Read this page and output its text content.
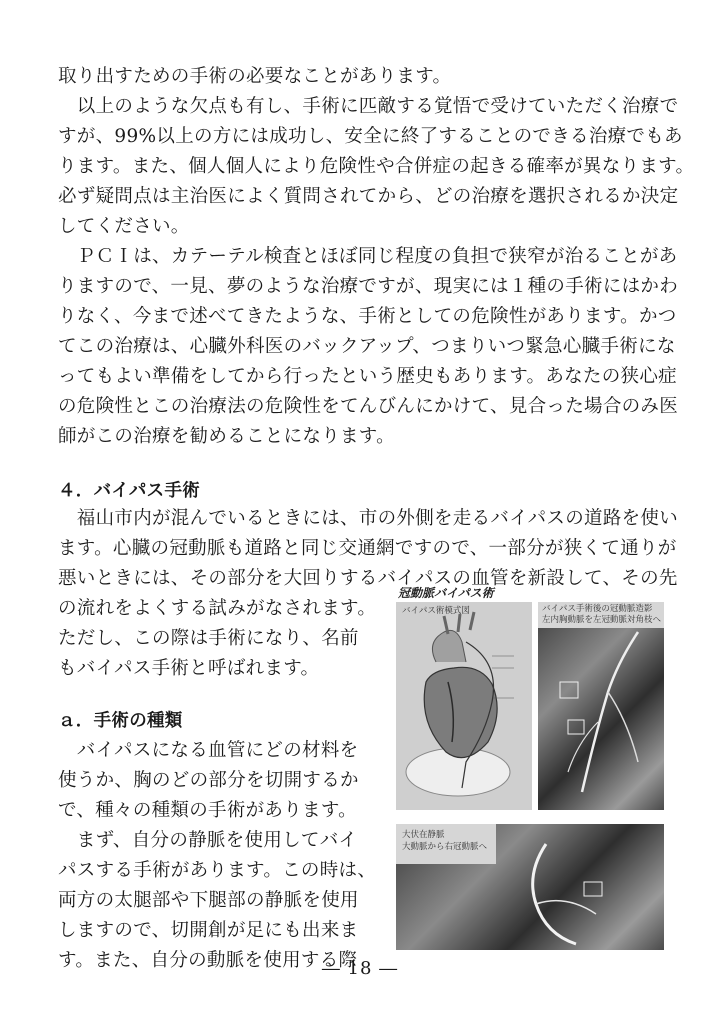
取り出すための手術の必要なことがあります。
　以上のような欠点も有し、手術に匹敵する覚悟で受けていただく治療で
すが、99%以上の方には成功し、安全に終了することのできる治療でもあ
ります。また、個人個人により危険性や合併症の起きる確率が異なります。
必ず疑問点は主治医によく質問されてから、どの治療を選択されるか決定
してください。
　ＰＣＩは、カテーテル検査とほぼ同じ程度の負担で狭窄が治ることがあ
りますので、一見、夢のような治療ですが、現実には１種の手術にはかわ
りなく、今まで述べてきたような、手術としての危険性があります。かつ
てこの治療は、心臓外科医のバックアップ、つまりいつ緊急心臓手術にな
ってもよい準備をしてから行ったという歴史もあります。あなたの狭心症
の危険性とこの治療法の危険性をてんびんにかけて、見合った場合のみ医
師がこの治療を勧めることになります。
４．バイパス手術
　福山市内が混んでいるときには、市の外側を走るバイパスの道路を使い
ます。心臓の冠動脈も道路と同じ交通網ですので、一部分が狭くて通りが
悪いときには、その部分を大回りするバイパスの血管を新設して、その先
の流れをよくする試みがなされます。
ただし、この際は手術になり、名前
もバイパス手術と呼ばれます。
ａ．手術の種類
　バイパスになる血管にどの材料を
使うか、胸のどの部分を切開するか
で、種々の種類の手術があります。
　まず、自分の静脈を使用してバイ
パスする手術があります。この時は、
両方の太腿部や下腿部の静脈を使用
しますので、切開創が足にも出来ま
す。また、自分の動脈を使用する際
冠動脈バイパス術
バイパス術模式図	バイパス手術後の冠動脈造影
左内胸動脈を左冠動脈対角枝へ
大伏在静脈
大動脈から右冠動脈へ
― 18 ―
